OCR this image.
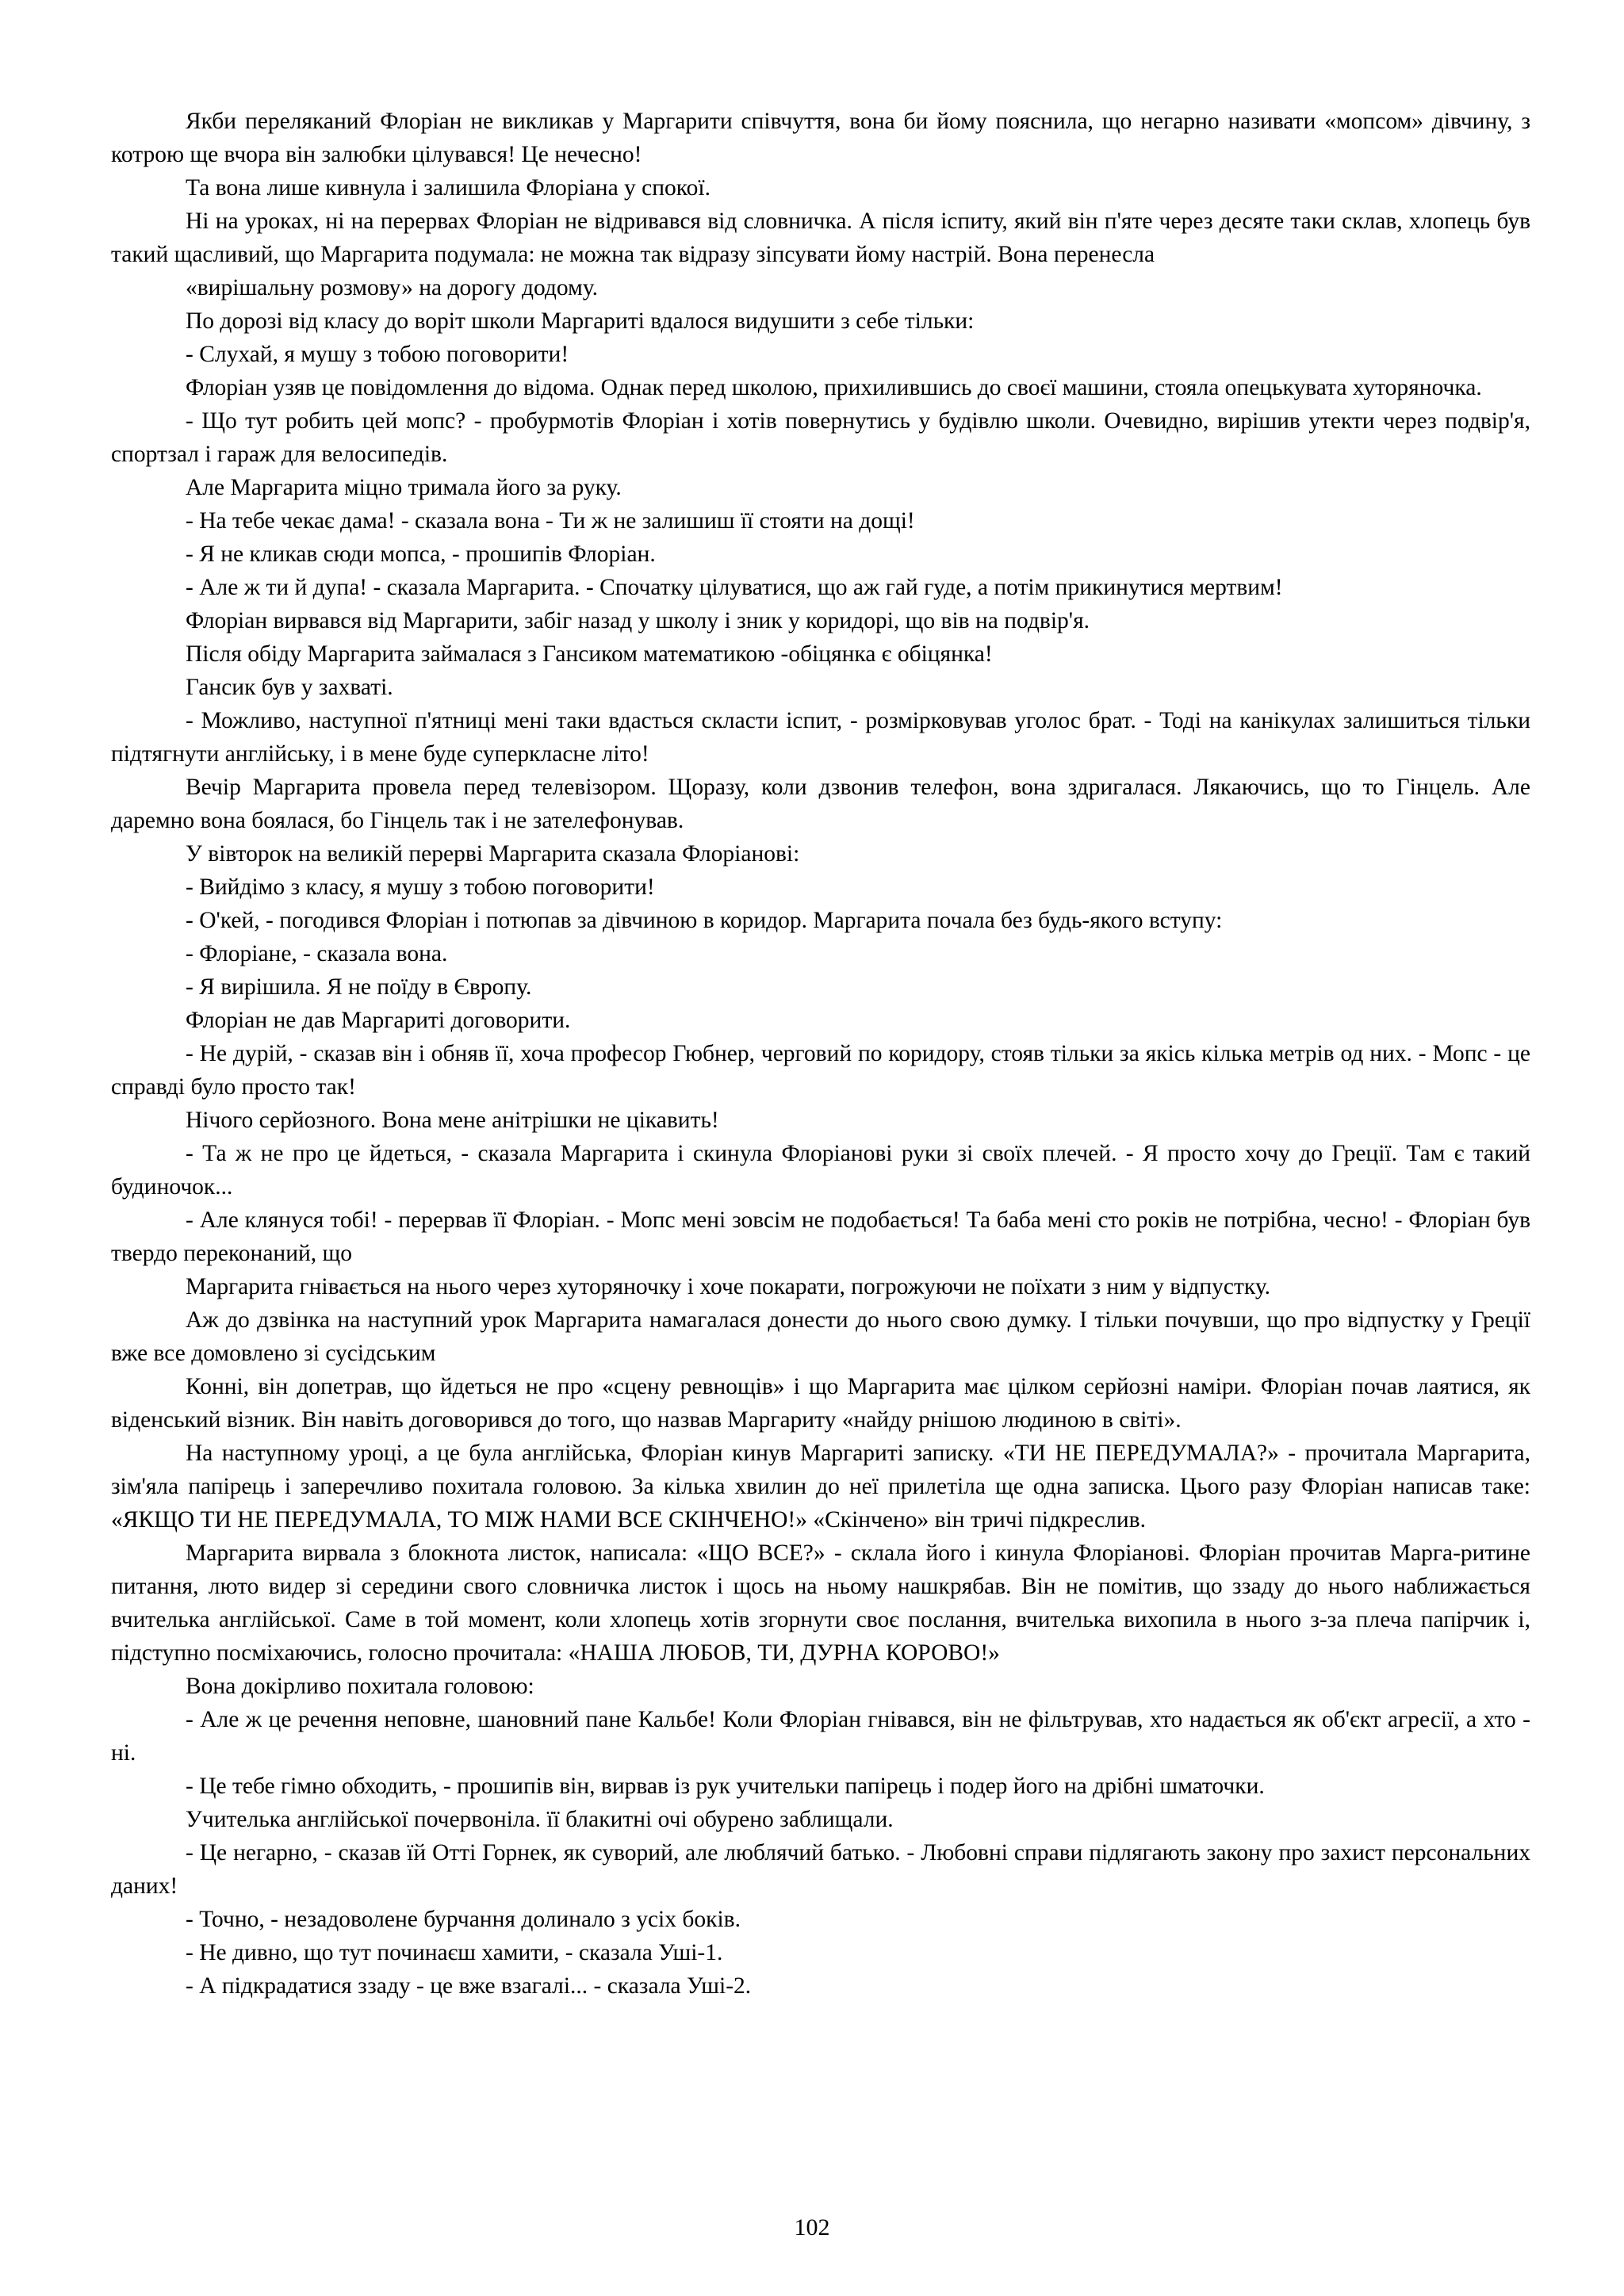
Якби переляканий Флоріан не викликав у Маргарити співчуття, вона би йому пояснила, що негарно називати «мопсом» дівчину, з котрою ще вчора він залюбки цілувався! Це нечесно!

Та вона лише кивнула і залишила Флоріана у спокої.

Ні на уроках, ні на перервах Флоріан не відривався від словничка. А після іспиту, який він п'яте через десяте таки склав, хлопець був такий щасливий, що Маргарита подумала: не можна так відразу зіпсувати йому настрій. Вона перенесла

«вирішальну розмову» на дорогу додому.

По дорозі від класу до воріт школи Маргариті вдалося видушити з себе тільки:

- Слухай, я мушу з тобою поговорити!

Флоріан узяв це повідомлення до відома. Однак перед школою, прихилившись до своєї машини, стояла опецькувата хуторяночка.

- Що тут робить цей мопс? - пробурмотів Флоріан і хотів повернутись у будівлю школи. Очевидно, вирішив утекти через подвір'я, спортзал і гараж для велосипедів.

Але Маргарита міцно тримала його за руку.

- На тебе чекає дама! - сказала вона - Ти ж не залишиш її стояти на дощі!

- Я не кликав сюди мопса, - прошипів Флоріан.

- Але ж ти й дупа! - сказала Маргарита. - Спочатку цілуватися, що аж гай гуде, а потім прикинутися мертвим!

Флоріан вирвався від Маргарити, забіг назад у школу і зник у коридорі, що вів на подвір'я.

Після обіду Маргарита займалася з Гансиком математикою -обіцянка є обіцянка!

Гансик був у захваті.

- Можливо, наступної п'ятниці мені таки вдасться скласти іспит, - розмірковував уголос брат. - Тоді на канікулах залишиться тільки підтягнути англійську, і в мене буде суперкласне літо!

Вечір Маргарита провела перед телевізором. Щоразу, коли дзвонив телефон, вона здригалася. Лякаючись, що то Гінцель. Але даремно вона боялася, бо Гінцель так і не зателефонував.

У вівторок на великій перерві Маргарита сказала Флоріанові:

- Вийдімо з класу, я мушу з тобою поговорити!

- О'кей, - погодився Флоріан і потюпав за дівчиною в коридор. Маргарита почала без будь-якого вступу:

- Флоріане, - сказала вона.

- Я вирішила. Я не поїду в Європу.

Флоріан не дав Маргариті договорити.

- Не дурій, - сказав він і обняв її, хоча професор Гюбнер, черговий по коридору, стояв тільки за якісь кілька метрів од них. - Мопс - це справді було просто так!

Нічого серйозного. Вона мене анітрішки не цікавить!

- Та ж не про це йдеться, - сказала Маргарита і скинула Флоріанові руки зі своїх плечей. - Я просто хочу до Греції. Там є такий будиночок...

- Але клянуся тобі! - перервав її Флоріан. - Мопс мені зовсім не подобається! Та баба мені сто років не потрібна, чесно! - Флоріан був твердо переконаний, що

Маргарита гнівається на нього через хуторяночку і хоче покарати, погрожуючи не поїхати з ним у відпустку.

Аж до дзвінка на наступний урок Маргарита намагалася донести до нього свою думку. І тільки почувши, що про відпустку у Греції вже все домовлено зі сусідським

Конні, він допетрав, що йдеться не про «сцену ревнощів» і що Маргарита має цілком серйозні наміри. Флоріан почав лаятися, як віденський візник. Він навіть договорився до того, що назвав Маргариту «найду рнішою людиною в світі».

На наступному уроці, а це була англійська, Флоріан кинув Маргариті записку. «ТИ НЕ ПЕРЕДУМАЛА?» - прочитала Маргарита, зім'яла папірець і заперечливо похитала головою. За кілька хвилин до неї прилетіла ще одна записка. Цього разу Флоріан написав таке: «ЯКЩО ТИ НЕ ПЕРЕДУМАЛА, ТО МІЖ НАМИ ВСЕ СКІНЧЕНО!» «Скінчено» він тричі підкреслив.

Маргарита вирвала з блокнота листок, написала: «ЩО ВСЕ?» - склала його і кинула Флоріанові. Флоріан прочитав Марга-ритине питання, люто видер зі середини свого словничка листок і щось на ньому нашкрябав. Він не помітив, що ззаду до нього наближається вчителька англійської. Саме в той момент, коли хлопець хотів згорнути своє послання, вчителька вихопила в нього з-за плеча папірчик і, підступно посміхаючись, голосно прочитала: «НАША ЛЮБОВ, ТИ, ДУРНА КОРОВО!»

Вона докірливо похитала головою:

- Але ж це речення неповне, шановний пане Кальбе! Коли Флоріан гнівався, він не фільтрував, хто надається як об'єкт агресії, а хто - ні.

- Це тебе гімно обходить, - прошипів він, вирвав із рук учительки папірець і подер його на дрібні шматочки.

Учителька англійської почервоніла. її блакитні очі обурено заблищали.

- Це негарно, - сказав їй Отті Горнек, як суворий, але люблячий батько. - Любовні справи підлягають закону про захист персональних даних!

- Точно, - незадоволене бурчання долинало з усіх боків.

- Не дивно, що тут починаєш хамити, - сказала Уші-1.

- А підкрадатися ззаду - це вже взагалі... - сказала Уші-2.

102
